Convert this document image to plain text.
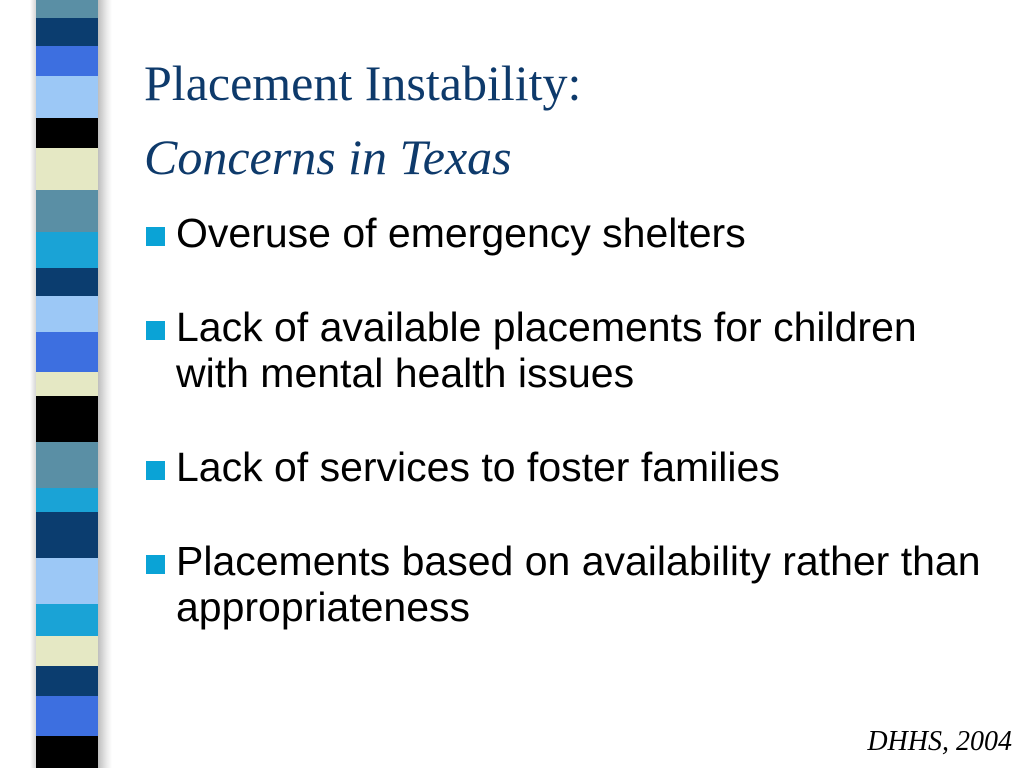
Placement Instability:
Concerns in Texas
Overuse of emergency shelters
Lack of available placements for children with mental health issues
Lack of services to foster families
Placements based on availability rather than appropriateness
DHHS, 2004
